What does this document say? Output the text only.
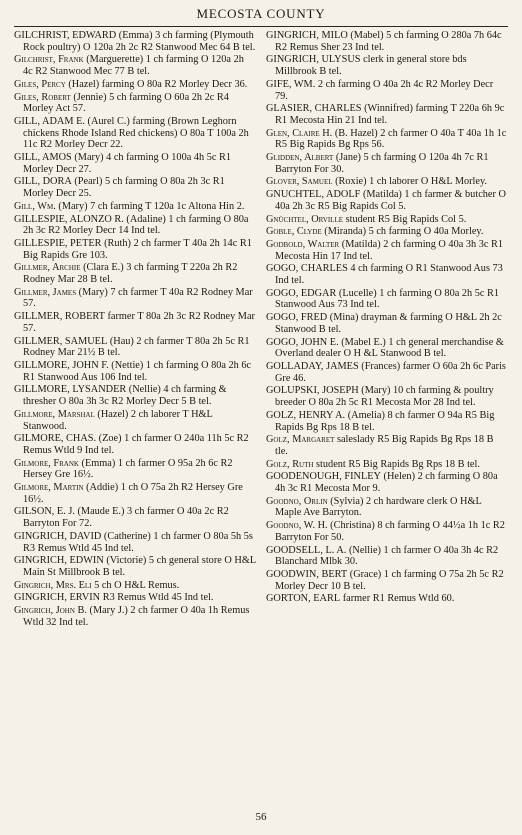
MECOSTA COUNTY
GILCHRIST, EDWARD (Emma) 3 ch farming (Plymouth Rock poultry) O 120a 2h 2c R2 Stanwood Mec 64 B tel.
Gilchrist, Frank (Marguerette) 1 ch farming O 120a 2h 4c R2 Stanwood Mec 77 B tel.
Giles, Percy (Hazel) farming O 80a R2 Morley Decr 36.
Giles, Robert (Jennie) 5 ch farming O 60a 2h 2c R4 Morley Act 57.
GILL, ADAM E. (Aurel C.) farming (Brown Leghorn chickens Rhode Island Red chickens) O 80a T 100a 2h 11c R2 Morley Decr 22.
GILL, AMOS (Mary) 4 ch farming O 100a 4h 5c R1 Morley Decr 27.
GILL, DORA (Pearl) 5 ch farming O 80a 2h 3c R1 Morley Decr 25.
Gill, Wm. (Mary) 7 ch farming T 120a 1c Altona Hin 2.
GILLESPIE, ALONZO R. (Adaline) 1 ch farming O 80a 2h 3c R2 Morley Decr 14 Ind tel.
GILLESPIE, PETER (Ruth) 2 ch farmer T 40a 2h 14c R1 Big Rapids Gre 103.
Gillmer, Archie (Clara E.) 3 ch farming T 220a 2h R2 Rodney Mar 28 B tel.
Gillmer, James (Mary) 7 ch farmer T 40a R2 Rodney Mar 57.
GILLMER, ROBERT farmer T 80a 2h 3c R2 Rodney Mar 57.
GILLMER, SAMUEL (Hau) 2 ch farmer T 80a 2h 5c R1 Rodney Mar 21½ B tel.
GILLMORE, JOHN F. (Nettie) 1 ch farming O 80a 2h 6c R1 Stanwood Aus 106 Ind tel.
GILLMORE, LYSANDER (Nellie) 4 ch farming & thresher O 80a 3h 3c R2 Morley Decr 5 B tel.
Gillmore, Marshal (Hazel) 2 ch laborer T H&L Stanwood.
GILMORE, CHAS. (Zoe) 1 ch farmer O 240a 11h 5c R2 Remus Wtld 9 Ind tel.
Gilmore, Frank (Emma) 1 ch farmer O 95a 2h 6c R2 Hersey Gre 16½.
Gilmore, Martin (Addie) 1 ch O 75a 2h R2 Hersey Gre 16½.
GILSON, E. J. (Maude E.) 3 ch farmer O 40a 2c R2 Barryton For 72.
GINGRICH, DAVID (Catherine) 1 ch farmer O 80a 5h 5s R3 Remus Wtld 45 Ind tel.
GINGRICH, EDWIN (Victorie) 5 ch general store O H&L Main St Millbrook B tel.
Gingrich, Mrs. Eli 5 ch O H&L Remus.
GINGRICH, ERVIN R3 Remus Wtld 45 Ind tel.
Gingrich, John B. (Mary J.) 2 ch farmer O 40a 1h Remus Wtld 32 Ind tel.
GINGRICH, MILO (Mabel) 5 ch farming O 280a 7h 64c R2 Remus Sher 23 Ind tel.
GINGRICH, ULYSUS clerk in general store bds Millbrook B tel.
GIFE, WM. 2 ch farming O 40a 2h 4c R2 Morley Decr 79.
GLASIER, CHARLES (Winnifred) farming T 220a 6h 9c R1 Mecosta Hin 21 Ind tel.
Glen, Claire H. (B. Hazel) 2 ch farmer O 40a T 40a 1h 1c R5 Big Rapids Bg Rps 56.
Glidden, Albert (Jane) 5 ch farming O 120a 4h 7c R1 Barryton For 30.
Glover, Samuel (Roxie) 1 ch laborer O H&L Morley.
GNUCHTEL, ADOLF (Matilda) 1 ch farmer & butcher O 40a 2h 3c R5 Big Rapids Col 5.
Gnüchtel, Orville student R5 Big Rapids Col 5.
Goble, Clyde (Miranda) 5 ch farming O 40a Morley.
Godbold, Walter (Matilda) 2 ch farming O 40a 3h 3c R1 Mecosta Hin 17 Ind tel.
GOGO, CHARLES 4 ch farming O R1 Stanwood Aus 73 Ind tel.
GOGO, EDGAR (Lucelle) 1 ch farming O 80a 2h 5c R1 Stanwood Aus 73 Ind tel.
GOGO, FRED (Mina) drayman & farming O H&L 2h 2c Stanwood B tel.
GOGO, JOHN E. (Mabel E.) 1 ch general merchandise & Overland dealer O H &L Stanwood B tel.
GOLLADAY, JAMES (Frances) farmer O 60a 2h 6c Paris Gre 46.
GOLUPSKI, JOSEPH (Mary) 10 ch farming & poultry breeder O 80a 2h 5c R1 Mecosta Mor 28 Ind tel.
GOLZ, HENRY A. (Amelia) 8 ch farmer O 94a R5 Big Rapids Bg Rps 18 B tel.
Golz, Margaret saleslady R5 Big Rapids Bg Rps 18 B tle.
Golz, Ruth student R5 Big Rapids Bg Rps 18 B tel.
GOODENOUGH, FINLEY (Helen) 2 ch farming O 80a 4h 3c R1 Mecosta Mor 9.
Goodno, Orlin (Sylvia) 2 ch hardware clerk O H&L Maple Ave Barryton.
Goodno, W. H. (Christina) 8 ch farming O 44½a 1h 1c R2 Barryton For 50.
GOODSELL, L. A. (Nellie) 1 ch farmer O 40a 3h 4c R2 Blanchard Mlbk 30.
GOODWIN, BERT (Grace) 1 ch farming O 75a 2h 5c R2 Morley Decr 10 B tel.
GORTON, EARL farmer R1 Remus Wtld 60.
56
